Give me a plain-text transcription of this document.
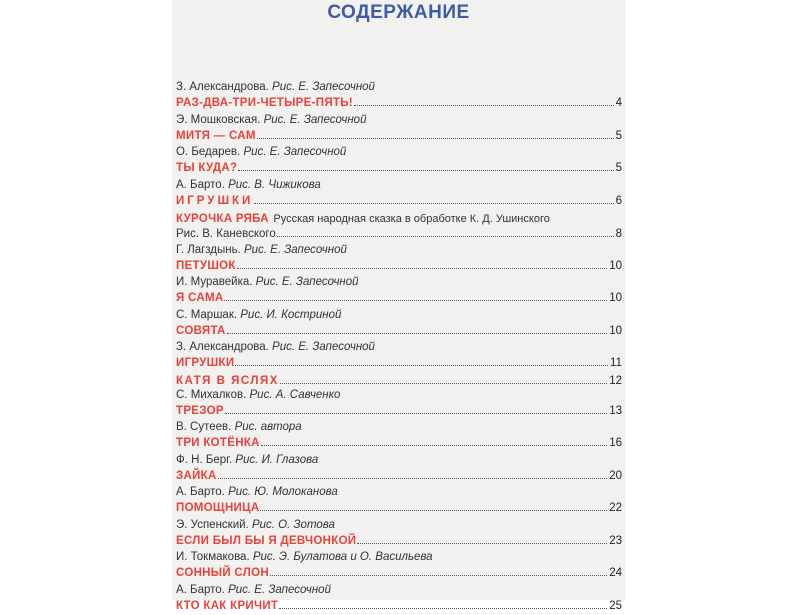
СОДЕРЖАНИЕ
З. Александрова. Рис. Е. Запесочной
РАЗ-ДВА-ТРИ-ЧЕТЫРЕ-ПЯТЬ!	4
Э. Мошковская. Рис. Е. Запесочной
МИТЯ — САМ	5
О. Бедарев. Рис. Е. Запесочной
ТЫ КУДА?	5
А. Барто. Рис. В. Чижикова
ИГРУШКИ	6
КУРОЧКА РЯБА
Русская народная сказка в обработке К. Д. Ушинского
Рис. В. Каневского	8
Г. Лагздынь. Рис. Е. Запесочной
ПЕТУШОК	10
И. Муравейка. Рис. Е. Запесочной
Я САМА	10
С. Маршак. Рис. И. Костриной
СОВЯТА	10
З. Александрова. Рис. Е. Запесочной
ИГРУШКИ	11
КАТЯ В ЯСЛЯХ	12
С. Михалков. Рис. А. Савченко
ТРЕЗОР	13
В. Сутеев. Рис. автора
ТРИ КОТЁНКА	16
Ф. Н. Берг. Рис. И. Глазова
ЗАЙКА	20
А. Барто. Рис. Ю. Молоканова
ПОМОЩНИЦА	22
Э. Успенский. Рис. О. Зотова
ЕСЛИ БЫЛ БЫ Я ДЕВЧОНКОЙ	23
И. Токмакова. Рис. Э. Булатова и О. Васильева
СОННЫЙ СЛОН	24
А. Барто. Рис. Е. Запесочной
КТО КАК КРИЧИТ	25
